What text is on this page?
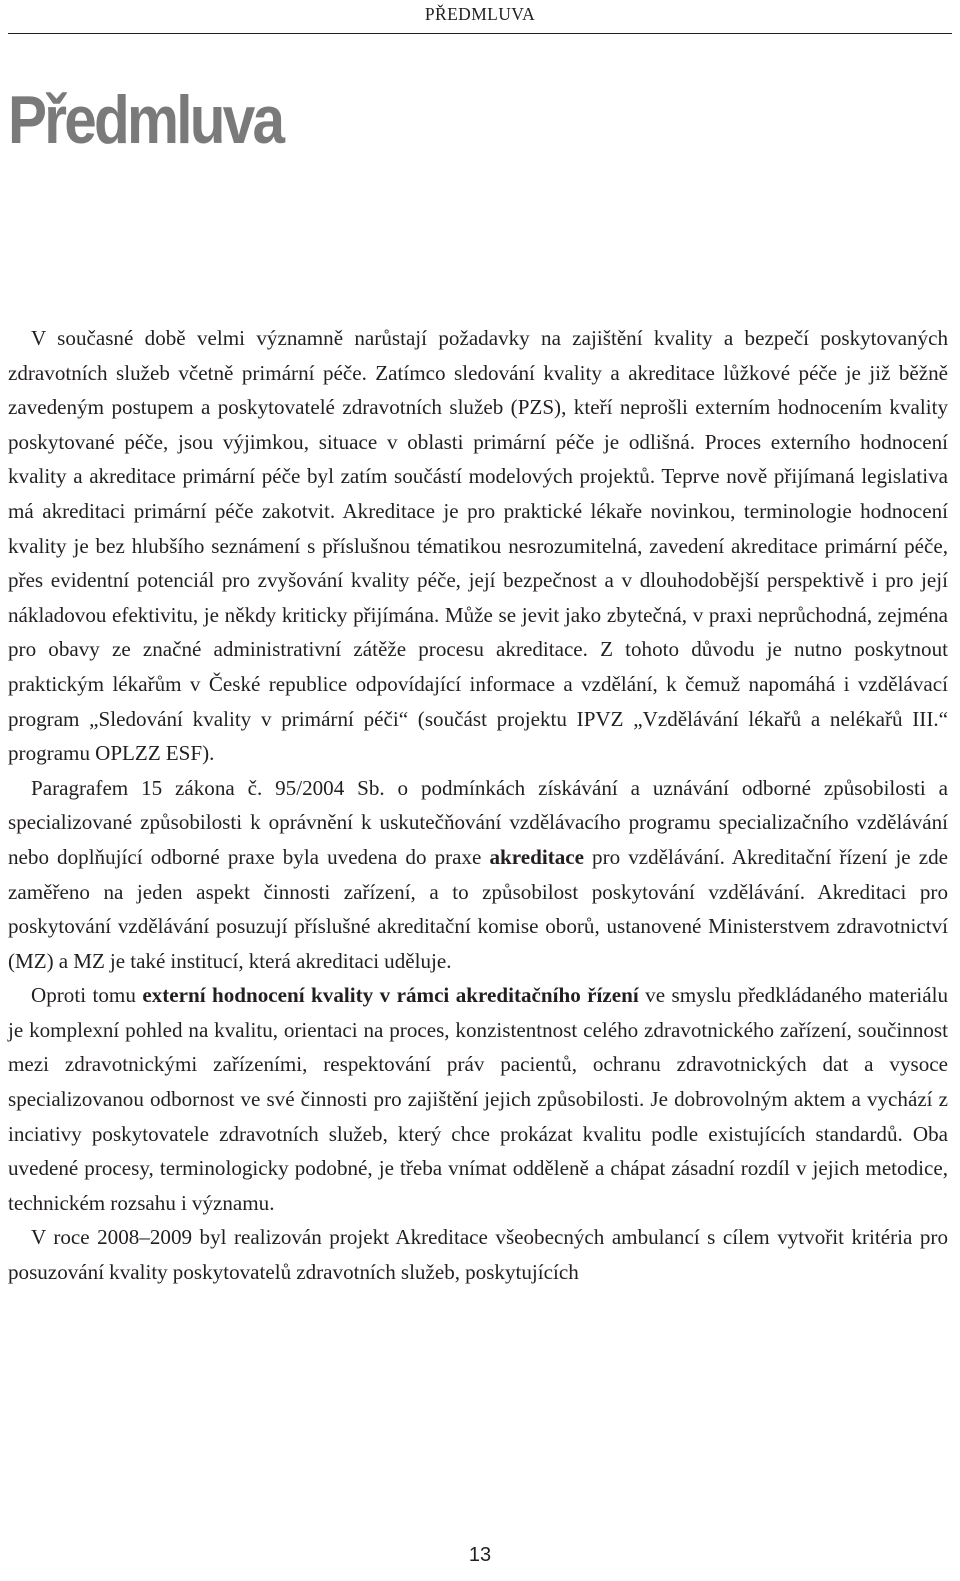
PŘEDMLUVA
Předmluva

V současné době velmi významně narůstají požadavky na zajištění kvality a bezpečí poskytovaných zdravotních služeb včetně primární péče. Zatímco sledování kvality a akreditace lůžkové péče je již běžně zavedeným postupem a poskytovatelé zdravotních služeb (PZS), kteří neprošli externím hodnocením kvality poskytované péče, jsou výjimkou, situace v oblasti primární péče je odlišná. Proces externího hodnocení kvality a akreditace primární péče byl zatím součástí modelových projektů. Teprve nově přijímaná legislativa má akreditaci primární péče zakotvit. Akreditace je pro praktické lékaře novinkou, terminologie hodnocení kvality je bez hlubšího seznámení s příslušnou tématikou nesrozumitelná, zavedení akreditace primární péče, přes evidentní potenciál pro zvyšování kvality péče, její bezpečnost a v dlouhodobější perspektivě i pro její nákladovou efektivitu, je někdy kriticky přijímána. Může se jevit jako zbytečná, v praxi neprůchodná, zejména pro obavy ze značné administrativní zátěže procesu akreditace. Z tohoto důvodu je nutno poskytnout praktickým lékařům v České republice odpovídající informace a vzdělání, k čemuž napomáhá i vzdělávací program „Sledování kvality v primární péči“ (součást projektu IPVZ „Vzdělávání lékařů a nelékařů III.“ programu OPLZZ ESF).

Paragrafem 15 zákona č. 95/2004 Sb. o podmínkách získávání a uznávání odborné způsobilosti a specializované způsobilosti k oprávnění k uskutečňování vzdělávacího programu specializačního vzdělávání nebo doplňující odborné praxe byla uvedena do praxe akreditace pro vzdělávání. Akreditační řízení je zde zaměřeno na jeden aspekt činnosti zařízení, a to způsobilost poskytování vzdělávání. Akreditaci pro poskytování vzdělávání posuzují příslušné akreditační komise oborů, ustanovené Ministerstvem zdravotnictví (MZ) a MZ je také institucí, která akreditaci uděluje.

Oproti tomu externí hodnocení kvality v rámci akreditačního řízení ve smyslu předkládaného materiálu je komplexní pohled na kvalitu, orientaci na proces, konzistentnost celého zdravotnického zařízení, součinnost mezi zdravotnickými zařízeními, respektování práv pacientů, ochranu zdravotnických dat a vysoce specializovanou odbornost ve své činnosti pro zajištění jejich způsobilosti. Je dobrovolným aktem a vychází z inciativy poskytovatele zdravotních služeb, který chce prokázat kvalitu podle existujících standardů. Oba uvedené procesy, terminologicky podobné, je třeba vnímat odděleně a chápat zásadní rozdíl v jejich metodice, technickém rozsahu i významu.

V roce 2008–2009 byl realizován projekt Akreditace všeobecných ambulancí s cílem vytvořit kritéria pro posuzování kvality poskytovatelů zdravotních služeb, poskytujících

13
